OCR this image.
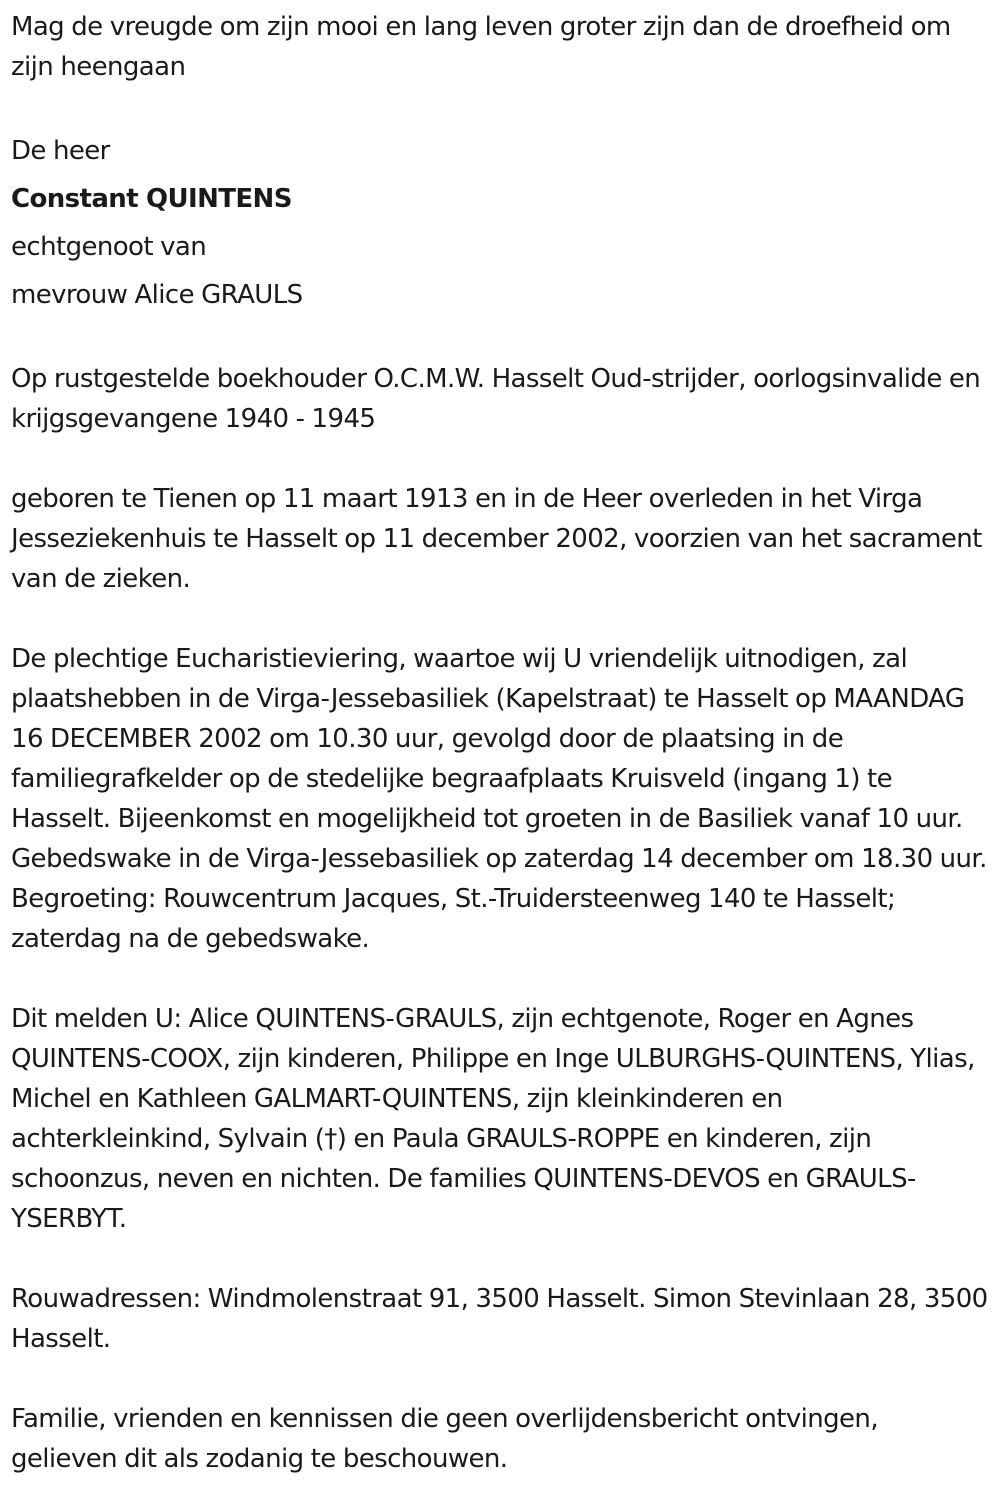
Mag de vreugde om zijn mooi en lang leven groter zijn dan de droefheid om zijn heengaan

De heer

Constant QUINTENS

echtgenoot van

mevrouw Alice GRAULS

Op rustgestelde boekhouder O.C.M.W. Hasselt Oud-strijder, oorlogsinvalide en krijgsgevangene 1940 - 1945

geboren te Tienen op 11 maart 1913 en in de Heer overleden in het Virga Jesseziekenhuis te Hasselt op 11 december 2002, voorzien van het sacrament van de zieken.

De plechtige Eucharistieviering, waartoe wij U vriendelijk uitnodigen, zal plaatshebben in de Virga-Jessebasiliek (Kapelstraat) te Hasselt op MAANDAG 16 DECEMBER 2002 om 10.30 uur, gevolgd door de plaatsing in de familiegrafkelder op de stedelijke begraafplaats Kruisveld (ingang 1) te Hasselt. Bijeenkomst en mogelijkheid tot groeten in de Basiliek vanaf 10 uur. Gebedswake in de Virga-Jessebasiliek op zaterdag 14 december om 18.30 uur. Begroeting: Rouwcentrum Jacques, St.-Truidersteenweg 140 te Hasselt; zaterdag na de gebedswake.

Dit melden U: Alice QUINTENS-GRAULS, zijn echtgenote, Roger en Agnes QUINTENS-COOX, zijn kinderen, Philippe en Inge ULBURGHS-QUINTENS, Ylias, Michel en Kathleen GALMART-QUINTENS, zijn kleinkinderen en achterkleinkind, Sylvain (†) en Paula GRAULS-ROPPE en kinderen, zijn schoonzus, neven en nichten. De families QUINTENS-DEVOS en GRAULS-YSERBYT.

Rouwadressen: Windmolenstraat 91, 3500 Hasselt. Simon Stevinlaan 28, 3500 Hasselt.

Familie, vrienden en kennissen die geen overlijdensbericht ontvingen, gelieven dit als zodanig te beschouwen.
